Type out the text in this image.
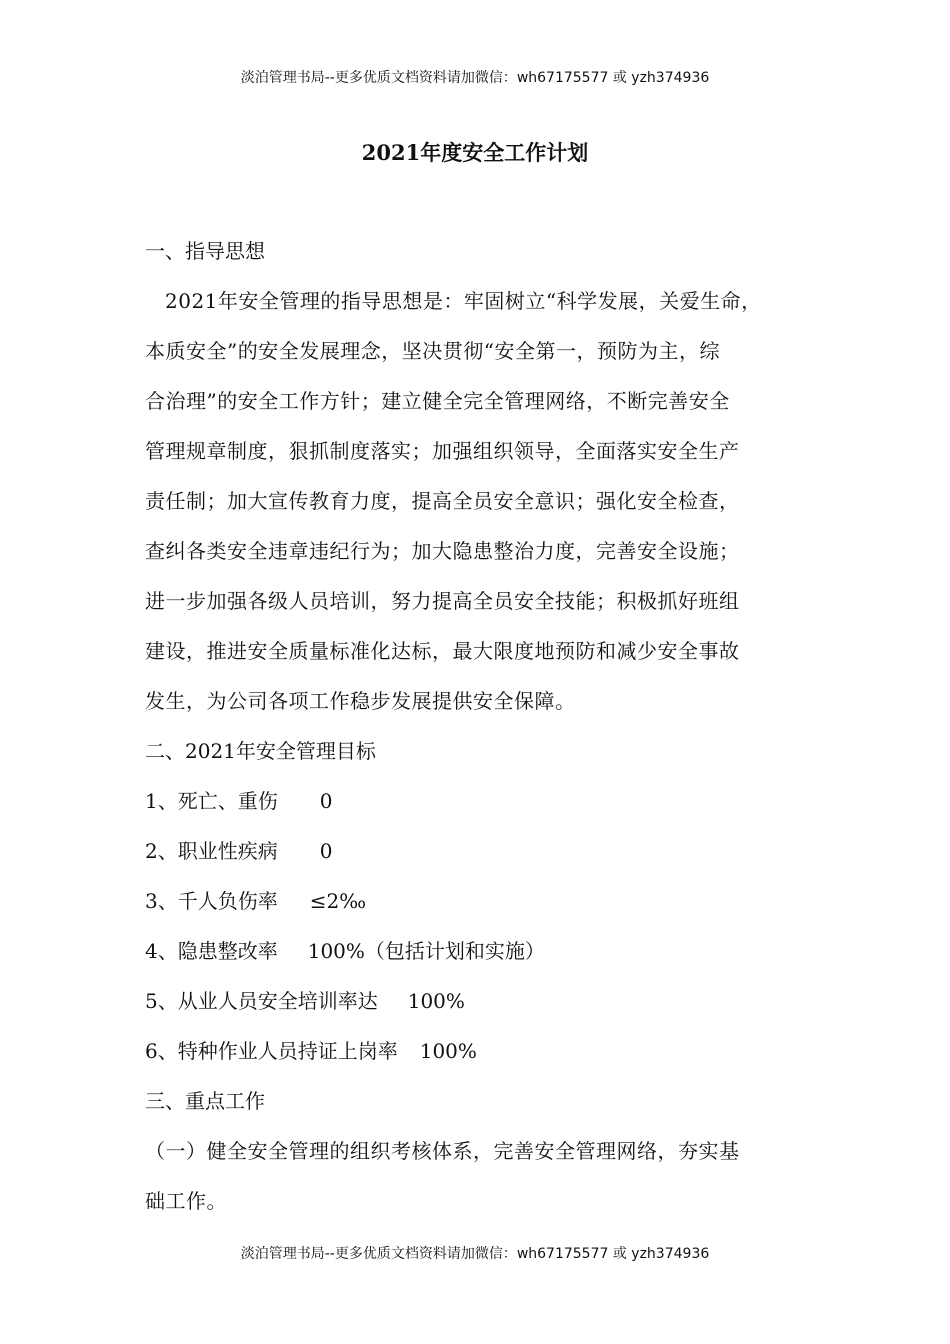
淡泊管理书局--更多优质文档资料请加微信：wh67175577 或 yzh374936
2021年度安全工作计划
一、指导思想
2021年安全管理的指导思想是：牢固树立“科学发展，关爱生命，
本质安全”的安全发展理念，坚决贯彻“安全第一，预防为主，综
合治理”的安全工作方针；建立健全完全管理网络，不断完善安全
管理规章制度，狠抓制度落实；加强组织领导，全面落实安全生产
责任制；加大宣传教育力度，提高全员安全意识；强化安全检查，
查纠各类安全违章违纪行为；加大隐患整治力度，完善安全设施；
进一步加强各级人员培训，努力提高全员安全技能；积极抓好班组
建设，推进安全质量标准化达标，最大限度地预防和减少安全事故
发生，为公司各项工作稳步发展提供安全保障。
二、2021年安全管理目标
1、死亡、重伤 0
2、职业性疾病 0
3、千人负伤率 ≤2‰
4、隐患整改率 100%（包括计划和实施）
5、从业人员安全培训率达 100%
6、特种作业人员持证上岗率 100%
三、重点工作
（一）健全安全管理的组织考核体系，完善安全管理网络，夯实基
础工作。
淡泊管理书局--更多优质文档资料请加微信：wh67175577 或 yzh374936
